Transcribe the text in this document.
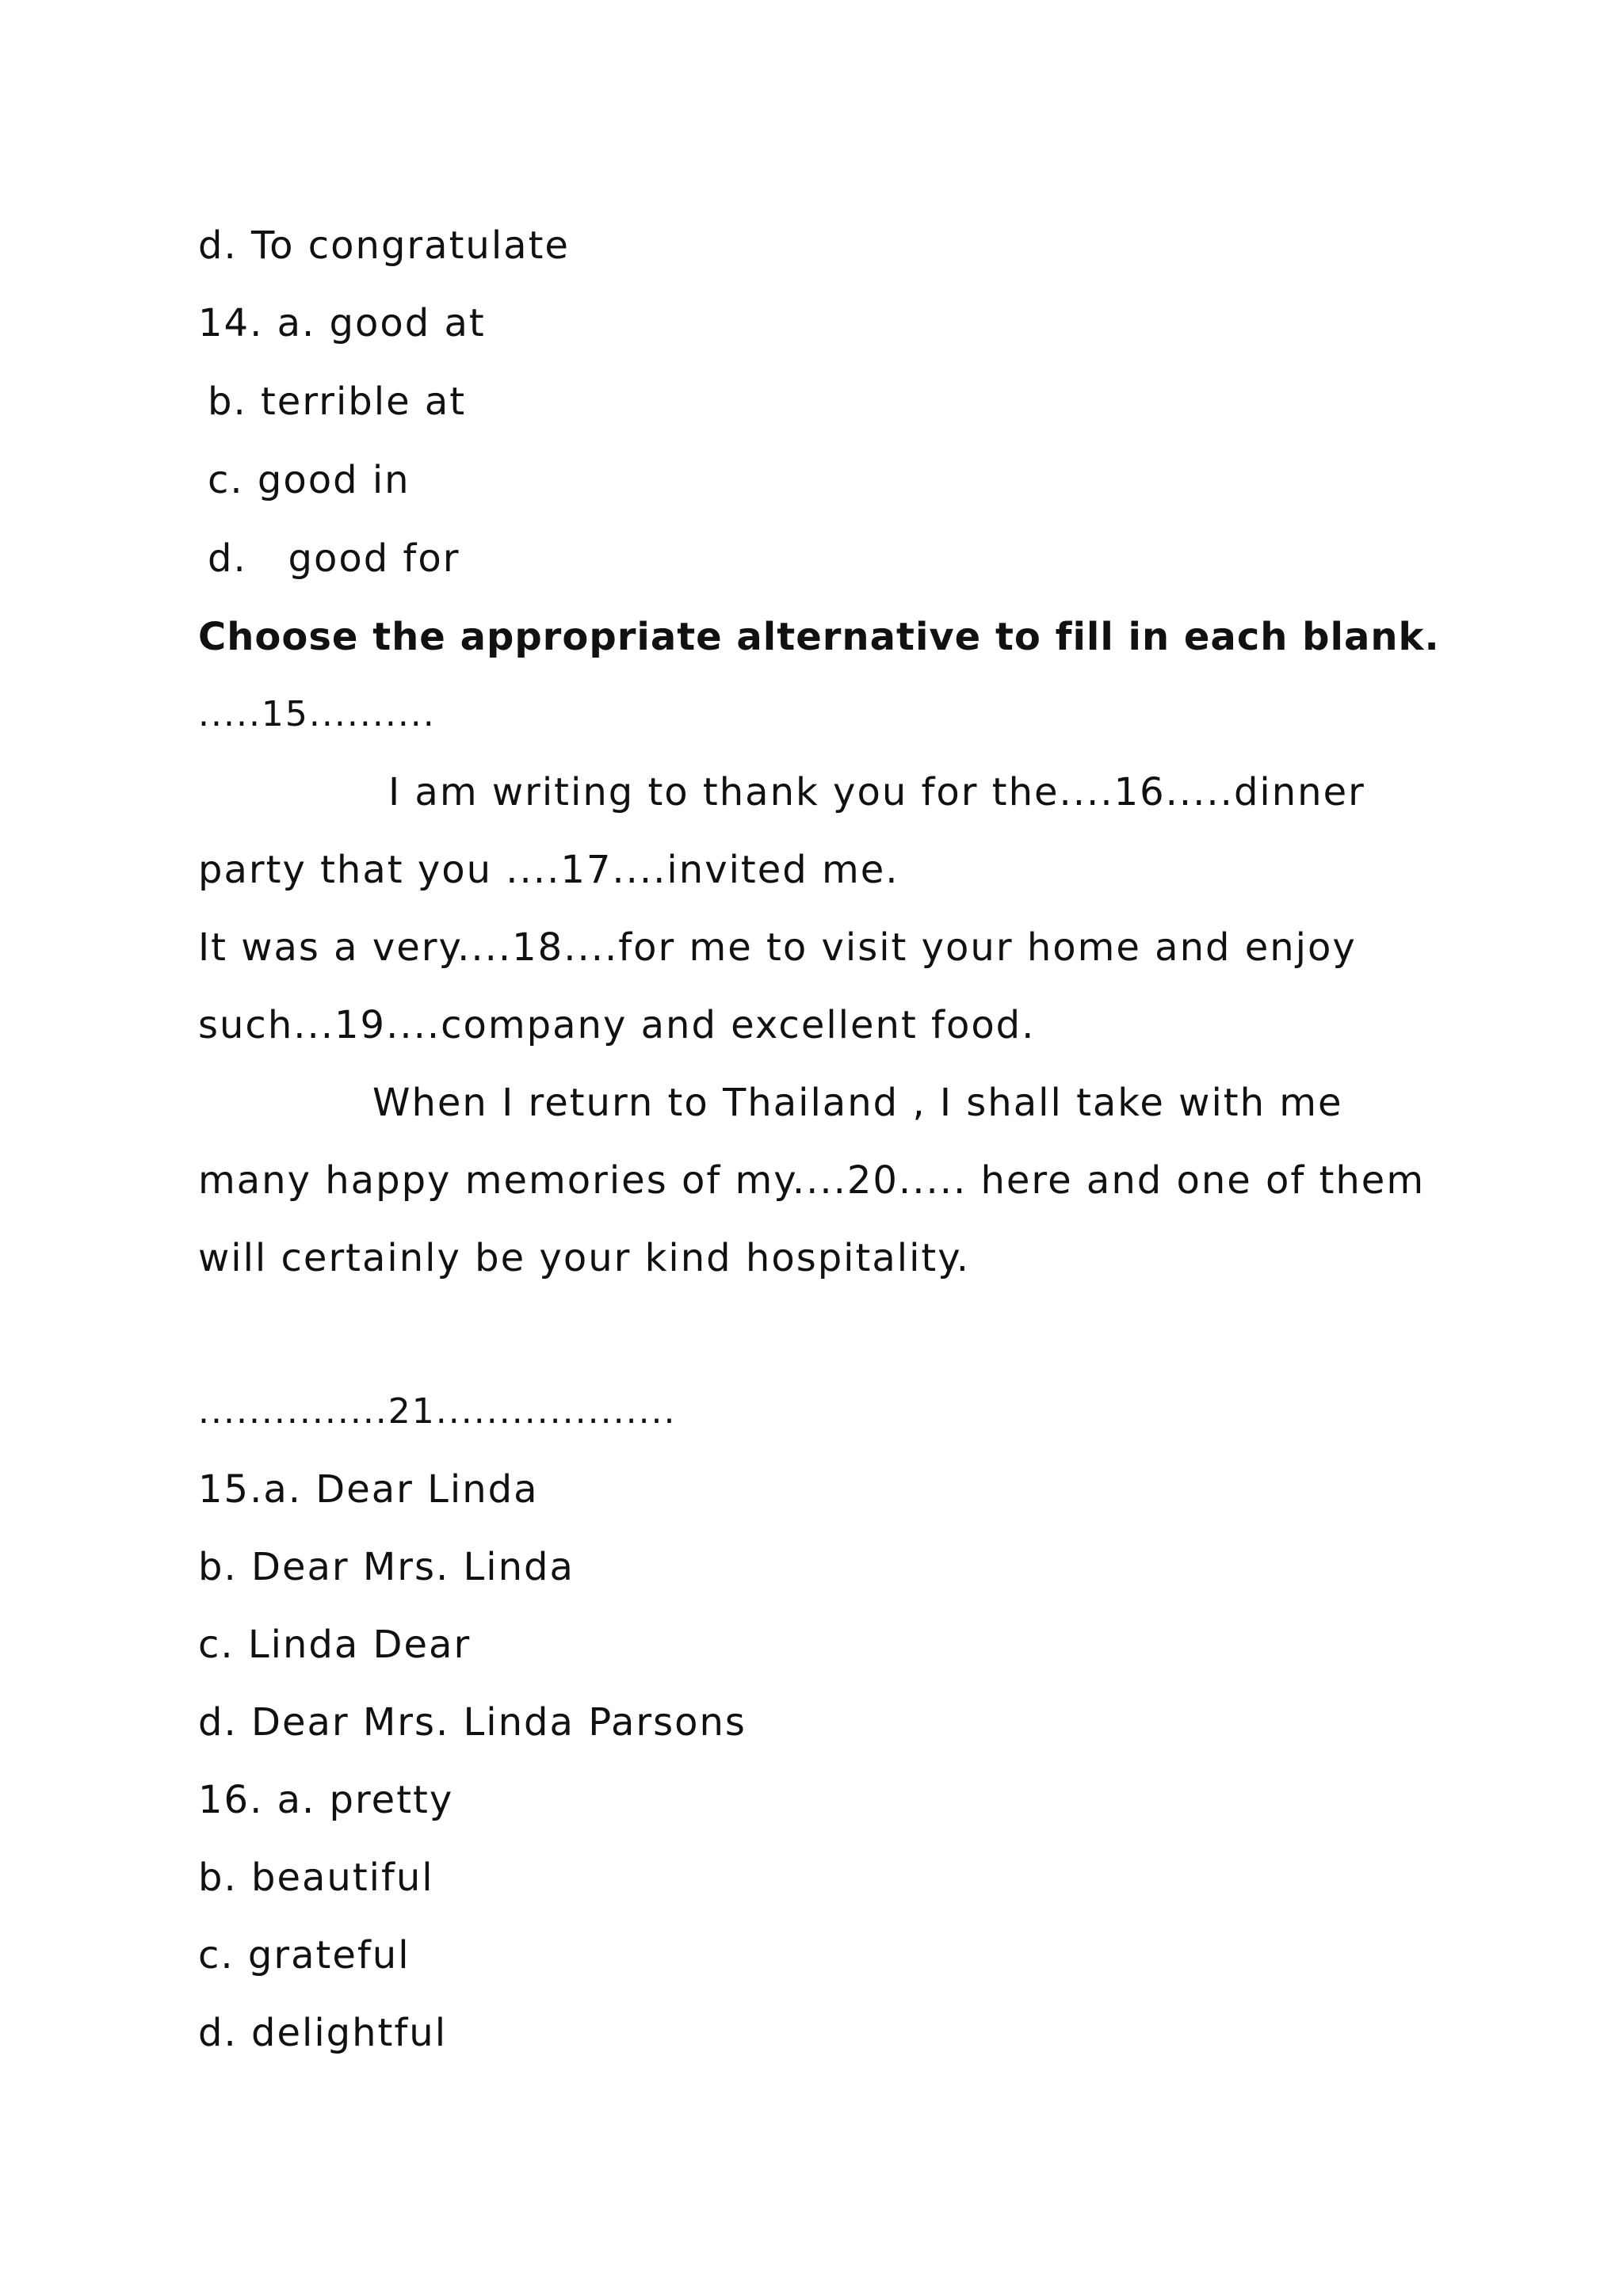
d. To congratulate
14. a. good at
b. terrible at
c. good in
d.   good for
Choose the appropriate alternative to fill in each blank.
.....15..........
I am writing to thank you for the....16.....dinner
party that you ....17....invited me.
It was a very....18....for me to visit your home and enjoy
such...19....company and excellent food.
When I return to Thailand , I shall take with me
many happy memories of my....20..... here and one of them
will certainly be your kind hospitality.
...............21...................
15.a. Dear Linda
b. Dear Mrs. Linda
c. Linda Dear
d. Dear Mrs. Linda Parsons
16. a. pretty
b. beautiful
c. grateful
d. delightful
